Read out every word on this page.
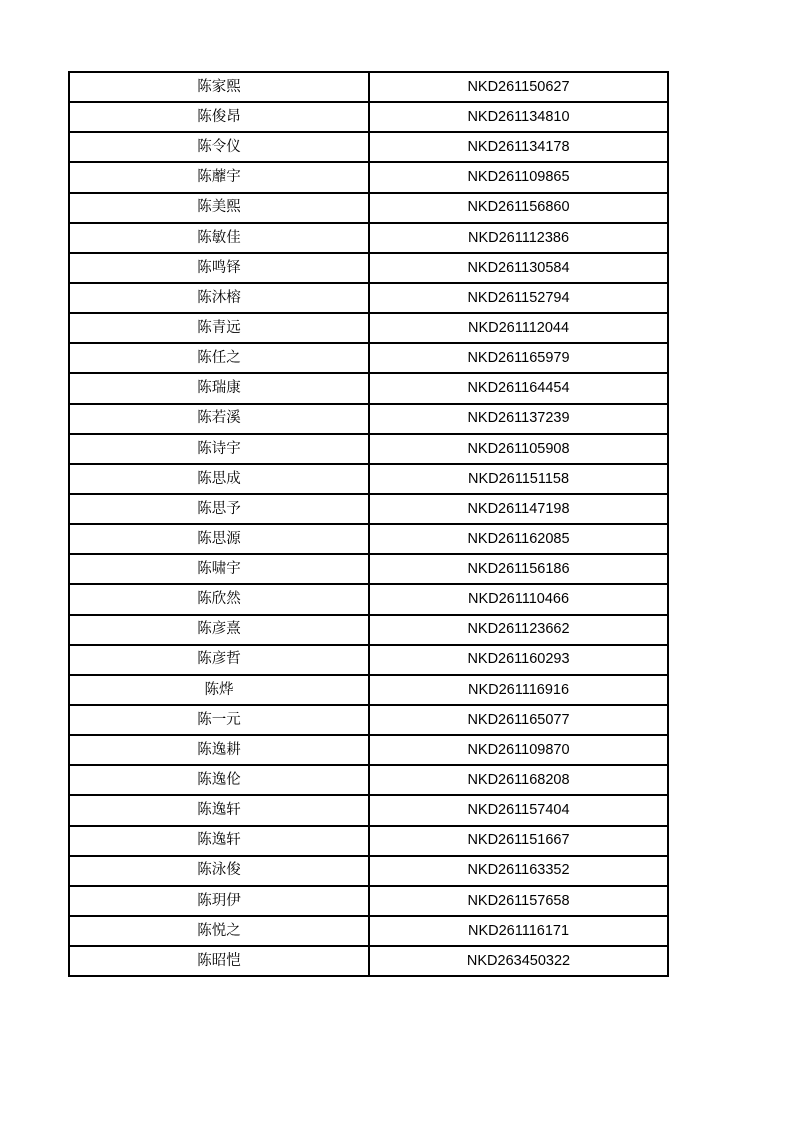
陈家熙	NKD261150627
陈俊昂	NKD261134810
陈令仪	NKD261134178
陈蘼宇	NKD261109865
陈美熙	NKD261156860
陈敏佳	NKD261112386
陈鸣铎	NKD261130584
陈沐榕	NKD261152794
陈青远	NKD261112044
陈任之	NKD261165979
陈瑞康	NKD261164454
陈若溪	NKD261137239
陈诗宇	NKD261105908
陈思成	NKD261151158
陈思予	NKD261147198
陈思源	NKD261162085
陈啸宇	NKD261156186
陈欣然	NKD261110466
陈彦熹	NKD261123662
陈彦哲	NKD261160293
陈烨	NKD261116916
陈一元	NKD261165077
陈逸耕	NKD261109870
陈逸伦	NKD261168208
陈逸轩	NKD261157404
陈逸轩	NKD261151667
陈泳俊	NKD261163352
陈玥伊	NKD261157658
陈悦之	NKD261116171
陈昭恺	NKD263450322
